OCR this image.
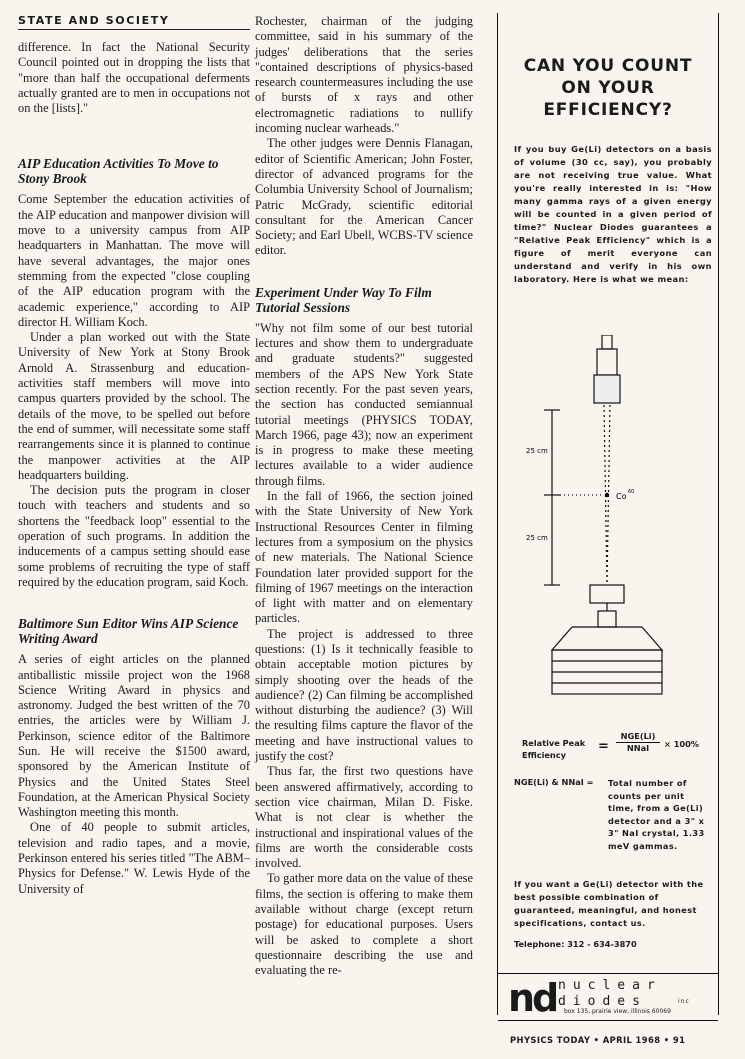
STATE AND SOCIETY

difference. In fact the National Security Council pointed out in dropping the lists that "more than half the occupational deferments actually granted are to men in occupations not on the [lists]."

AIP Education Activities To Move to Stony Brook

Come September the education activities of the AIP education and manpower division will move to a university campus from AIP headquarters in Manhattan. The move will have several advantages, the major ones stemming from the expected "close coupling of the AIP education program with the academic experience," according to AIP director H. William Koch.

Under a plan worked out with the State University of New York at Stony Brook Arnold A. Strassenburg and education-activities staff members will move into campus quarters provided by the school. The details of the move, to be spelled out before the end of summer, will necessitate some staff rearrangements since it is planned to continue the manpower activities at the AIP headquarters building.

The decision puts the program in closer touch with teachers and students and so shortens the "feedback loop" essential to the operation of such programs. In addition the inducements of a campus setting should ease some problems of recruiting the type of staff required by the education program, said Koch.

Baltimore Sun Editor Wins AIP Science Writing Award

A series of eight articles on the planned antiballistic missile project won the 1968 Science Writing Award in physics and astronomy. Judged the best written of the 70 entries, the articles were by William J. Perkinson, science editor of the Baltimore Sun. He will receive the $1500 award, sponsored by the American Institute of Physics and the United States Steel Foundation, at the American Physical Society Washington meeting this month.

One of 40 people to submit articles, television and radio tapes, and a movie, Perkinson entered his series titled "The ABM–Physics for Defense." W. Lewis Hyde of the University of

Rochester, chairman of the judging committee, said in his summary of the judges' deliberations that the series "contained descriptions of physics-based research countermeasures including the use of bursts of x rays and other electromagnetic radiations to nullify incoming nuclear warheads."

The other judges were Dennis Flanagan, editor of Scientific American; John Foster, director of advanced programs for the Columbia University School of Journalism; Patric McGrady, scientific editorial consultant for the American Cancer Society; and Earl Ubell, WCBS-TV science editor.

Experiment Under Way To Film Tutorial Sessions

"Why not film some of our best tutorial lectures and show them to undergraduate and graduate students?" suggested members of the APS New York State section recently. For the past seven years, the section has conducted semiannual tutorial meetings (PHYSICS TODAY, March 1966, page 43); now an experiment is in progress to make these meeting lectures available to a wider audience through films.

In the fall of 1966, the section joined with the State University of New York Instructional Resources Center in filming lectures from a symposium on the physics of new materials. The National Science Foundation later provided support for the filming of 1967 meetings on the interaction of light with matter and on elementary particles.

The project is addressed to three questions: (1) Is it technically feasible to obtain acceptable motion pictures by simply shooting over the heads of the audience? (2) Can filming be accomplished without disturbing the audience? (3) Will the resulting films capture the flavor of the meeting and have instructional values to justify the cost?

Thus far, the first two questions have been answered affirmatively, according to section vice chairman, Milan D. Fiske. What is not clear is whether the instructional and inspirational values of the films are worth the considerable costs involved.

To gather more data on the value of these films, the section is offering to make them available without charge (except return postage) for educational purposes. Users will be asked to complete a short questionnaire describing the use and evaluating the re-

CAN YOU COUNT
ON YOUR
EFFICIENCY?
If you buy Ge(Li) detectors on a basis of volume (30 cc, say), you probably are not receiving true value. What you're really interested in is: "How many gamma rays of a given energy will be counted in a given period of time?" Nuclear Diodes guarantees a "Relative Peak Efficiency" which is a figure of merit everyone can understand and verify in his own laboratory. Here is what we mean:
25 cm
25 cm
Co 60
Relative Peak Efficiency
=
NGE(Li)
NNaI	× 100%
NGE(Li) & NNaI = Total number of counts per unit time, from a Ge(Li) detector and a 3" x 3" NaI crystal, 1.33 meV gammas.
If you want a Ge(Li) detector with the best possible combination of guaranteed, meaningful, and honest specifications, contact us.
Telephone: 312 - 634-3870
nd nuclear
diodes	inc
box 135, prairie view, illinois 60069
PHYSICS TODAY • APRIL 1968 • 91
